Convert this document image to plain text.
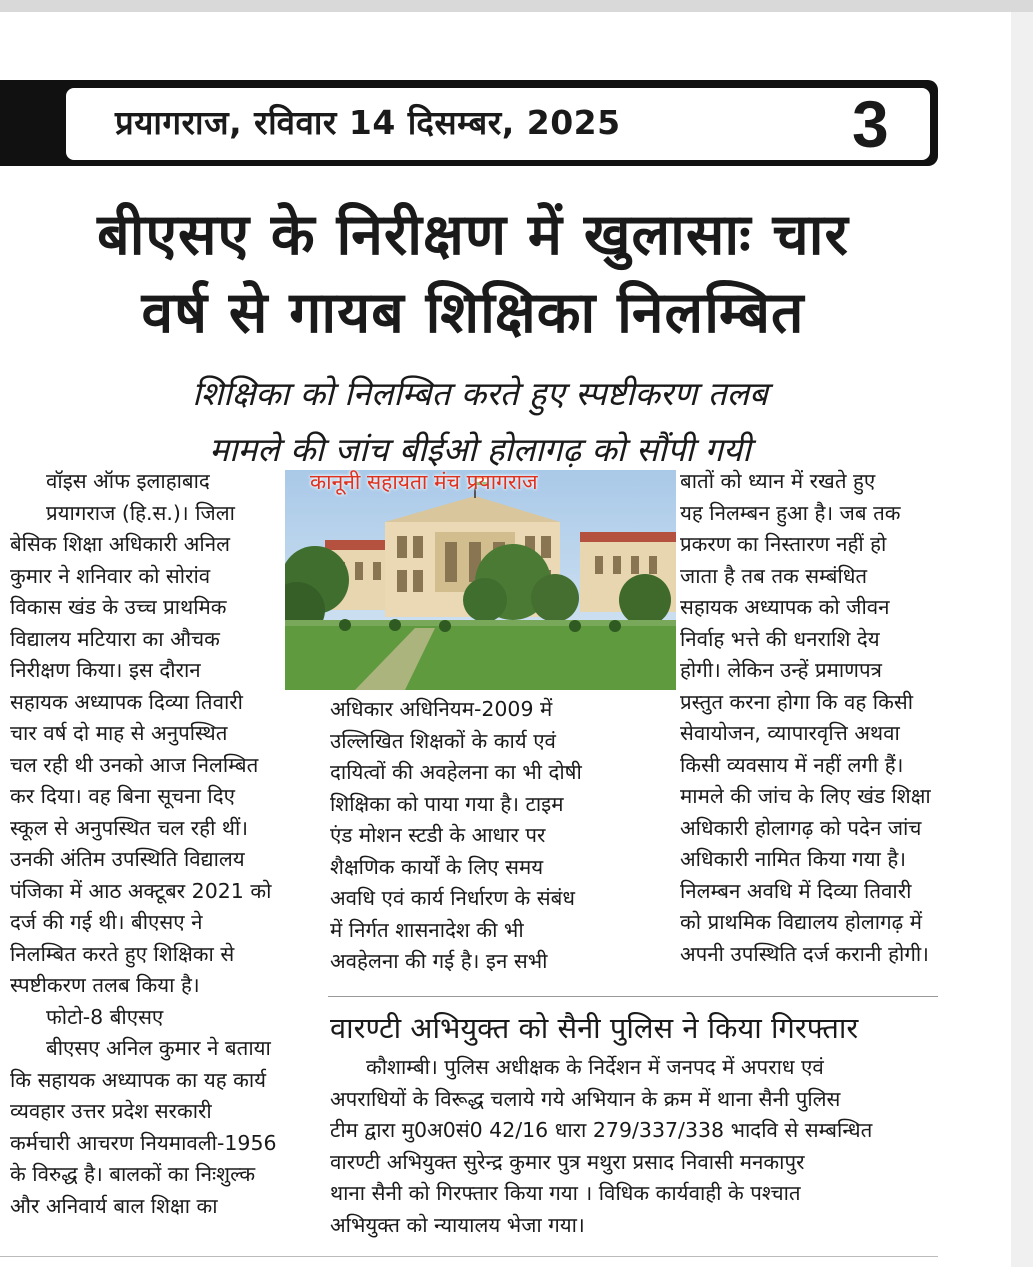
प्रयागराज, रविवार 14 दिसम्बर, 2025	3
बीएसए के निरीक्षण में खुलासाः चार
वर्ष से गायब शिक्षिका निलम्बित
शिक्षिका को निलम्बित करते हुए स्पष्टीकरण तलब
मामले की जांच बीईओ होलागढ़ को सौंपी गयी
वॉइस ऑफ इलाहाबाद
प्रयागराज (हि.स.)। जिला
बेसिक शिक्षा अधिकारी अनिल
कुमार ने शनिवार को सोरांव
विकास खंड के उच्च प्राथमिक
विद्यालय मटियारा का औचक
निरीक्षण किया। इस दौरान
सहायक अध्यापक दिव्या तिवारी
चार वर्ष दो माह से अनुपस्थित
चल रही थी उनको आज निलम्बित
कर दिया। वह बिना सूचना दिए
स्कूल से अनुपस्थित चल रही थीं।
उनकी अंतिम उपस्थिति विद्यालय
पंजिका में आठ अक्टूबर 2021 को
दर्ज की गई थी। बीएसए ने
निलम्बित करते हुए शिक्षिका से
स्पष्टीकरण तलब किया है।
फोटो-8 बीएसए
बीएसए अनिल कुमार ने बताया
कि सहायक अध्यापक का यह कार्य
व्यवहार उत्तर प्रदेश सरकारी
कर्मचारी आचरण नियमावली-1956
के विरुद्ध है। बालकों का निःशुल्क
और अनिवार्य बाल शिक्षा का
कानूनी सहायता मंच प्रयागराज
अधिकार अधिनियम-2009 में
उल्लिखित शिक्षकों के कार्य एवं
दायित्वों की अवहेलना का भी दोषी
शिक्षिका को पाया गया है। टाइम
एंड मोशन स्टडी के आधार पर
शैक्षणिक कार्यों के लिए समय
अवधि एवं कार्य निर्धारण के संबंध
में निर्गत शासनादेश की भी
अवहेलना की गई है। इन सभी
बातों को ध्यान में रखते हुए
यह निलम्बन हुआ है। जब तक
प्रकरण का निस्तारण नहीं हो
जाता है तब तक सम्बंधित
सहायक अध्यापक को जीवन
निर्वाह भत्ते की धनराशि देय
होगी। लेकिन उन्हें प्रमाणपत्र
प्रस्तुत करना होगा कि वह किसी
सेवायोजन, व्यापारवृत्ति अथवा
किसी व्यवसाय में नहीं लगी हैं।
मामले की जांच के लिए खंड शिक्षा
अधिकारी होलागढ़ को पदेन जांच
अधिकारी नामित किया गया है।
निलम्बन अवधि में दिव्या तिवारी
को प्राथमिक विद्यालय होलागढ़ में
अपनी उपस्थिति दर्ज करानी होगी।
वारण्टी अभियुक्त को सैनी पुलिस ने किया गिरफ्तार
कौशाम्बी। पुलिस अधीक्षक के निर्देशन में जनपद में अपराध एवं
अपराधियों के विरूद्ध चलाये गये अभियान के क्रम में थाना सैनी पुलिस
टीम द्वारा मु0अ0सं0 42/16 धारा 279/337/338 भादवि से सम्बन्धित
वारण्टी अभियुक्त सुरेन्द्र कुमार पुत्र मथुरा प्रसाद निवासी मनकापुर
थाना सैनी को गिरफ्तार किया गया । विधिक कार्यवाही के पश्चात
अभियुक्त को न्यायालय भेजा गया।
